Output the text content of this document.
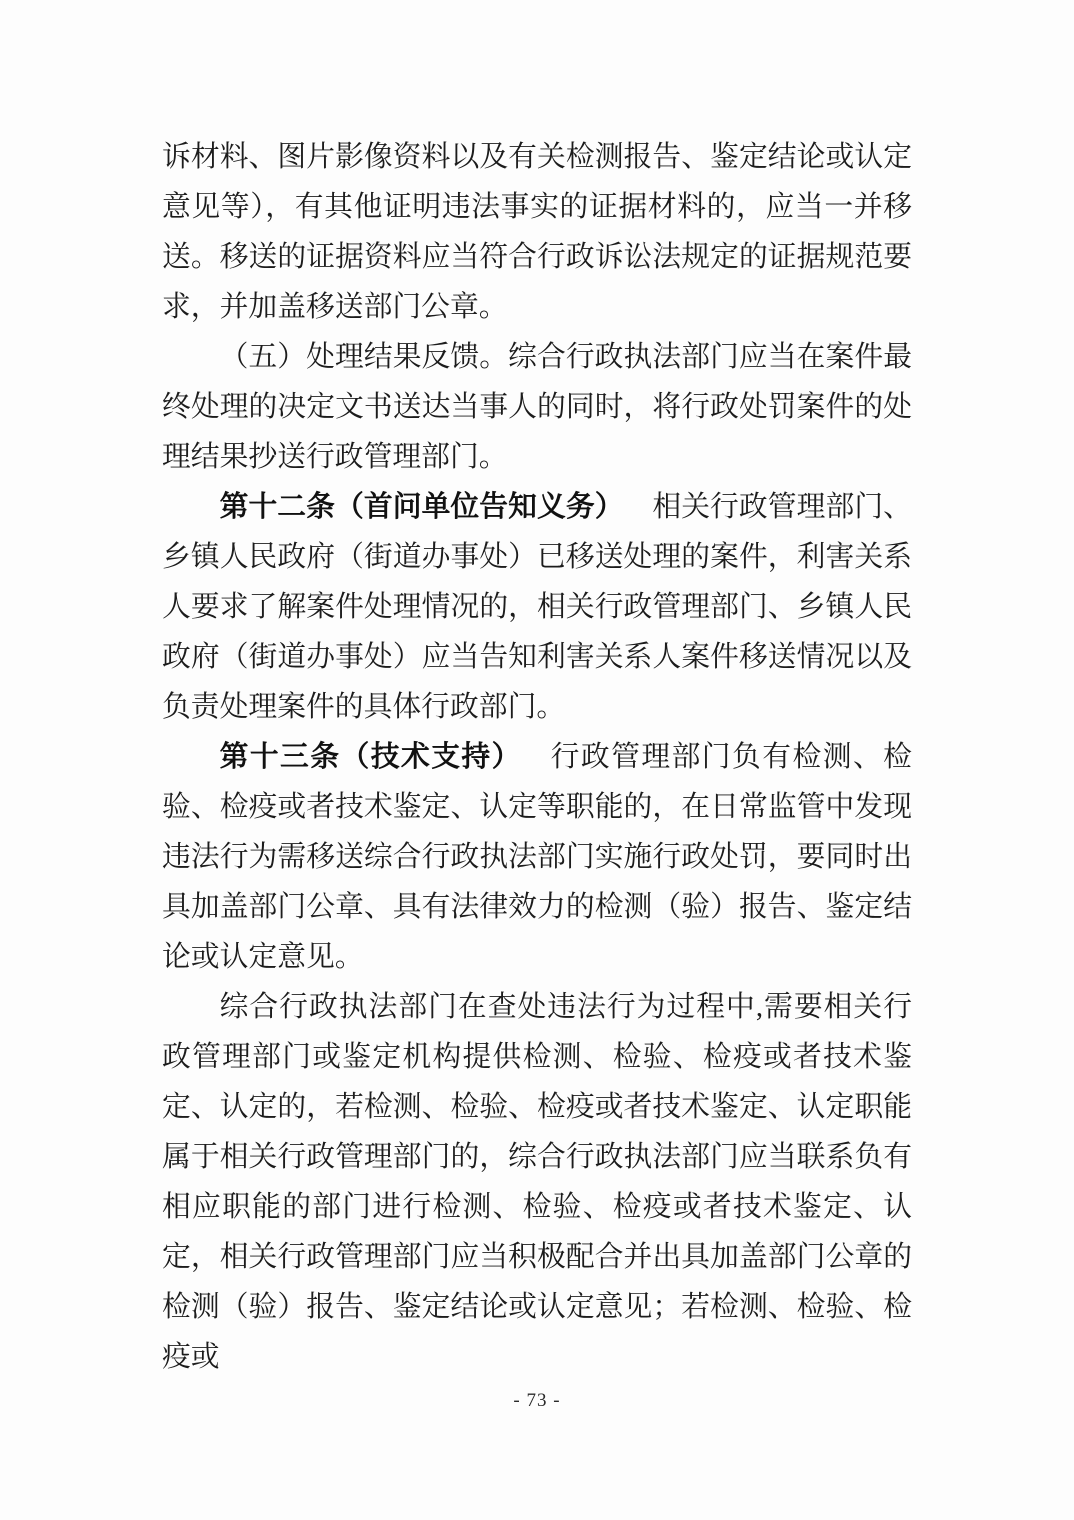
诉材料、图片影像资料以及有关检测报告、鉴定结论或认定意见等），有其他证明违法事实的证据材料的，应当一并移送。移送的证据资料应当符合行政诉讼法规定的证据规范要求，并加盖移送部门公章。

（五）处理结果反馈。综合行政执法部门应当在案件最终处理的决定文书送达当事人的同时，将行政处罚案件的处理结果抄送行政管理部门。

第十二条（首问单位告知义务） 相关行政管理部门、乡镇人民政府（街道办事处）已移送处理的案件，利害关系人要求了解案件处理情况的，相关行政管理部门、乡镇人民政府（街道办事处）应当告知利害关系人案件移送情况以及负责处理案件的具体行政部门。

第十三条（技术支持） 行政管理部门负有检测、检验、检疫或者技术鉴定、认定等职能的，在日常监管中发现违法行为需移送综合行政执法部门实施行政处罚，要同时出具加盖部门公章、具有法律效力的检测（验）报告、鉴定结论或认定意见。

综合行政执法部门在查处违法行为过程中,需要相关行政管理部门或鉴定机构提供检测、检验、检疫或者技术鉴定、认定的，若检测、检验、检疫或者技术鉴定、认定职能属于相关行政管理部门的，综合行政执法部门应当联系负有相应职能的部门进行检测、检验、检疫或者技术鉴定、认定，相关行政管理部门应当积极配合并出具加盖部门公章的检测（验）报告、鉴定结论或认定意见；若检测、检验、检疫或

- 73 -
